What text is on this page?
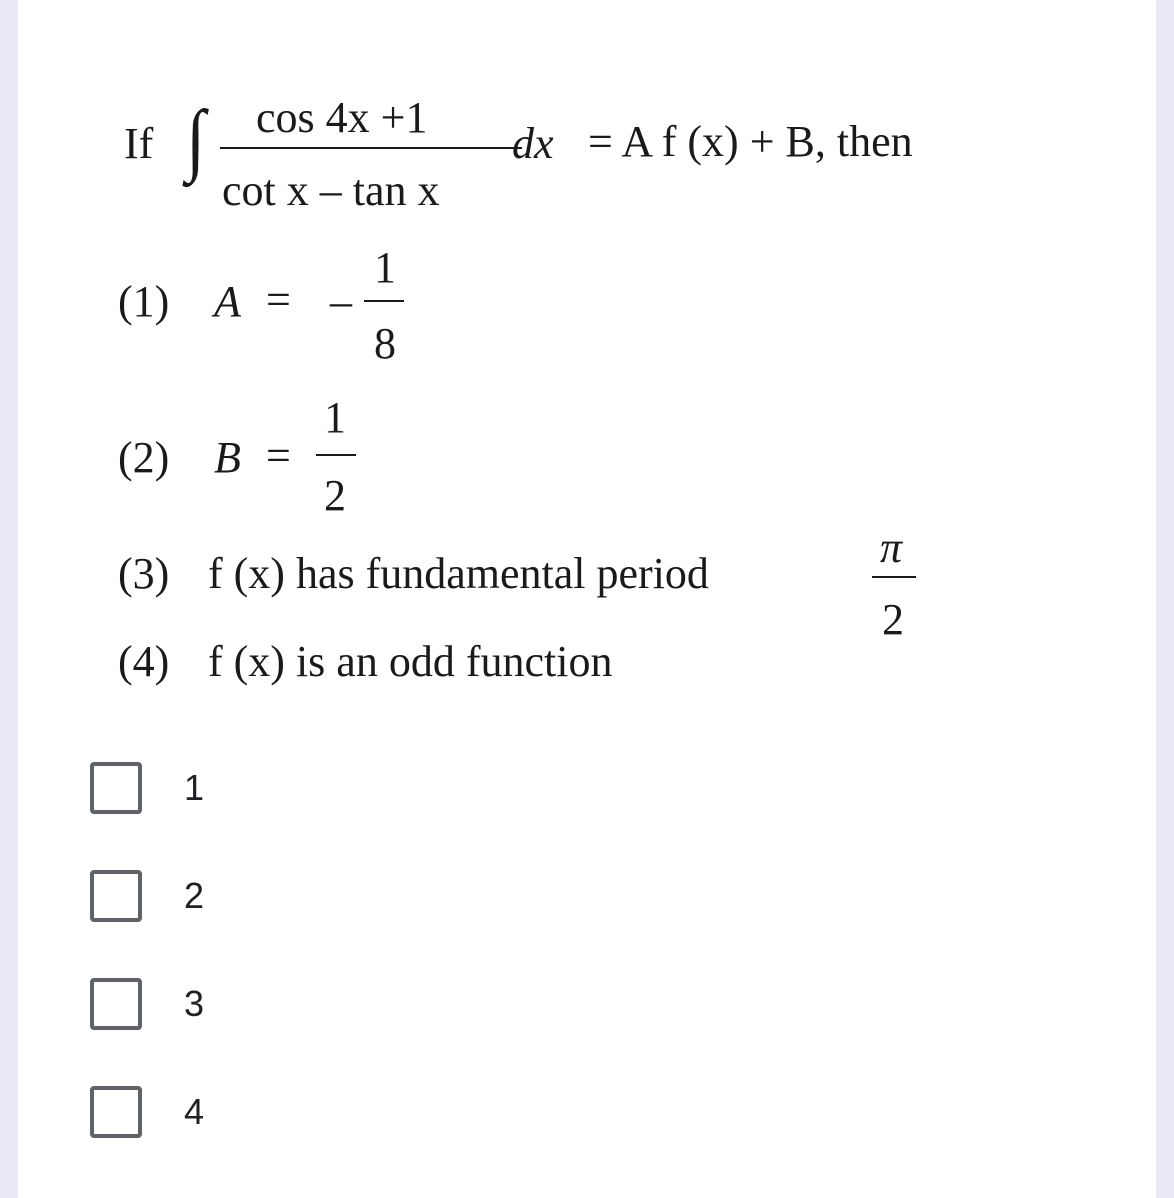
If ∫ cos 4x +1
cot x – tan x
dx = A f (x) + B, then
(1) A = –
1
8
(2) B =
1
2
(3) f (x) has fundamental period
π
2
(4) f (x) is an odd function
1
2
3
4
